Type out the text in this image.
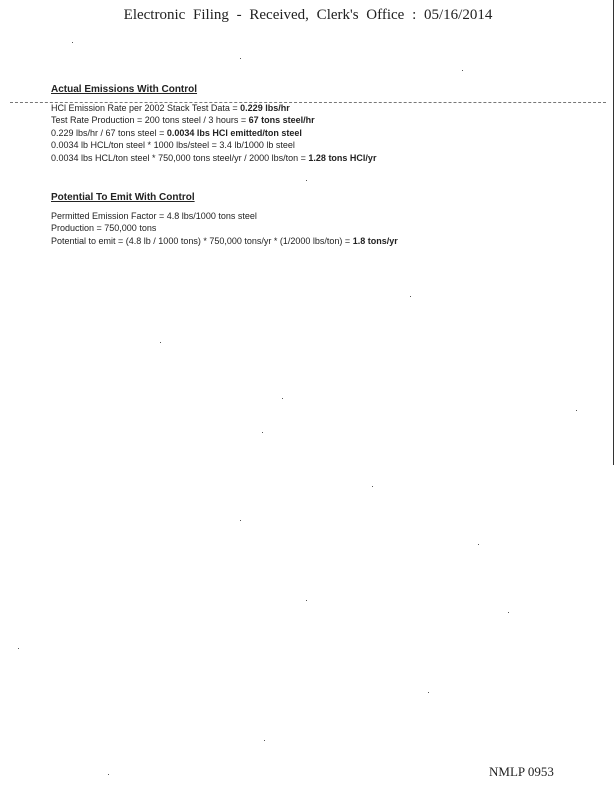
Electronic Filing - Received, Clerk's Office : 05/16/2014
Actual Emissions With Control
HCl Emission Rate per 2002 Stack Test Data = 0.229 lbs/hr
Test Rate Production = 200 tons steel / 3 hours = 67 tons steel/hr
0.229 lbs/hr / 67 tons steel = 0.0034 lbs HCl emitted/ton steel
0.0034 lb HCL/ton steel * 1000 lbs/steel = 3.4 lb/1000 lb steel
0.0034 lbs HCL/ton steel * 750,000 tons steel/yr / 2000 lbs/ton = 1.28 tons HCl/yr
Potential To Emit With Control
Permitted Emission Factor = 4.8 lbs/1000 tons steel
Production = 750,000 tons
Potential to emit = (4.8 lb / 1000 tons) * 750,000 tons/yr * (1/2000 lbs/ton) = 1.8 tons/yr
NMLP 0953
